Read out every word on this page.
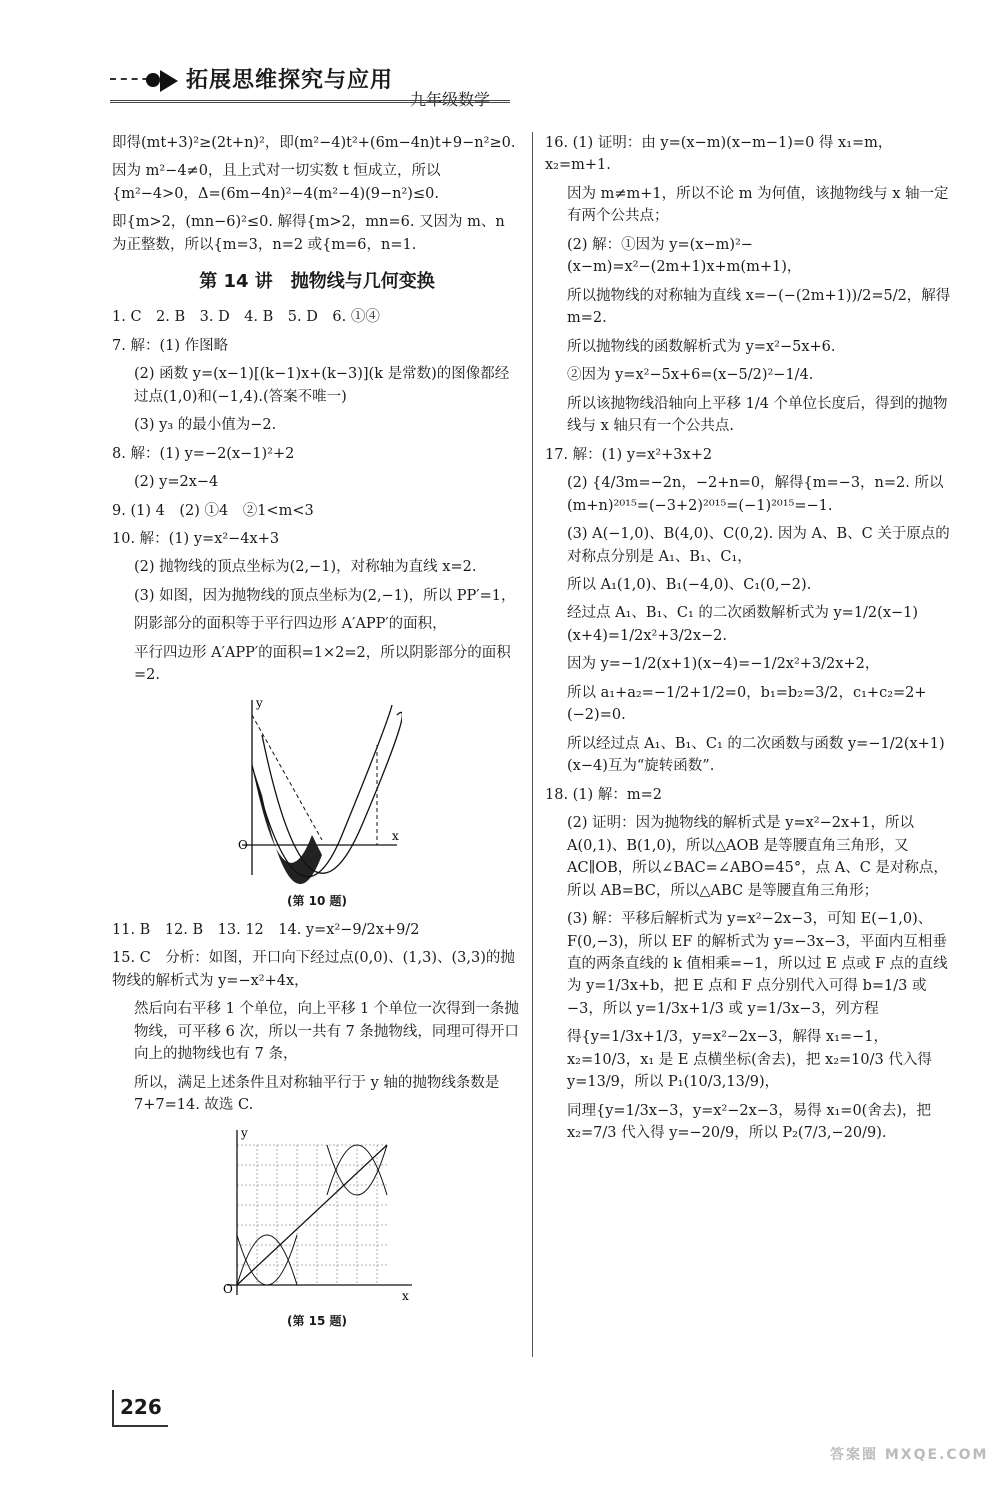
拓展思维探究与应用
九年级数学

即得(mt+3)²≥(2t+n)²，即(m²−4)t²+(6m−4n)t+9−n²≥0.

因为 m²−4≠0，且上式对一切实数 t 恒成立，所以{m²−4>0，Δ=(6m−4n)²−4(m²−4)(9−n²)≤0.

即{m>2，(mn−6)²≤0. 解得{m>2，mn=6. 又因为 m、n 为正整数，所以{m=3，n=2 或{m=6，n=1.

第 14 讲　抛物线与几何变换

1. C　2. B　3. D　4. B　5. D　6. ①④

7. 解：(1) 作图略

(2) 函数 y=(x−1)[(k−1)x+(k−3)](k 是常数)的图像都经过点(1,0)和(−1,4).(答案不唯一)

(3) y₃ 的最小值为−2.

8. 解：(1) y=−2(x−1)²+2

(2) y=2x−4

9. (1) 4　(2) ①4　②1<m<3

10. 解：(1) y=x²−4x+3

(2) 抛物线的顶点坐标为(2,−1)，对称轴为直线 x=2.

(3) 如图，因为抛物线的顶点坐标为(2,−1)，所以 PP′=1，

阴影部分的面积等于平行四边形 A′APP′的面积，

平行四边形 A′APP′的面积=1×2=2，所以阴影部分的面积=2.

O
x
y
(第 10 题)

11. B　12. B　13. 12　14. y=x²−9/2x+9/2

15. C　分析：如图，开口向下经过点(0,0)、(1,3)、(3,3)的抛物线的解析式为 y=−x²+4x，

然后向右平移 1 个单位，向上平移 1 个单位一次得到一条抛物线，可平移 6 次，所以一共有 7 条抛物线，同理可得开口向上的抛物线也有 7 条，

所以，满足上述条件且对称轴平行于 y 轴的抛物线条数是 7+7=14. 故选 C.

O	x
y
(第 15 题)

16. (1) 证明：由 y=(x−m)(x−m−1)=0 得 x₁=m，x₂=m+1.

因为 m≠m+1，所以不论 m 为何值，该抛物线与 x 轴一定有两个公共点；

(2) 解：①因为 y=(x−m)²−(x−m)=x²−(2m+1)x+m(m+1)，

所以抛物线的对称轴为直线 x=−(−(2m+1))/2=5/2，解得 m=2.

所以抛物线的函数解析式为 y=x²−5x+6.

②因为 y=x²−5x+6=(x−5/2)²−1/4.

所以该抛物线沿轴向上平移 1/4 个单位长度后，得到的抛物线与 x 轴只有一个公共点.

17. 解：(1) y=x²+3x+2

(2) {4/3m=−2n，−2+n=0，解得{m=−3，n=2. 所以(m+n)²⁰¹⁵=(−3+2)²⁰¹⁵=(−1)²⁰¹⁵=−1.

(3) A(−1,0)、B(4,0)、C(0,2). 因为 A、B、C 关于原点的对称点分别是 A₁、B₁、C₁，

所以 A₁(1,0)、B₁(−4,0)、C₁(0,−2).

经过点 A₁、B₁、C₁ 的二次函数解析式为 y=1/2(x−1)(x+4)=1/2x²+3/2x−2.

因为 y=−1/2(x+1)(x−4)=−1/2x²+3/2x+2，

所以 a₁+a₂=−1/2+1/2=0，b₁=b₂=3/2，c₁+c₂=2+(−2)=0.

所以经过点 A₁、B₁、C₁ 的二次函数与函数 y=−1/2(x+1)(x−4)互为“旋转函数”.

18. (1) 解：m=2

(2) 证明：因为抛物线的解析式是 y=x²−2x+1，所以 A(0,1)、B(1,0)，所以△AOB 是等腰直角三角形，又 AC∥OB，所以∠BAC=∠ABO=45°，点 A、C 是对称点，所以 AB=BC，所以△ABC 是等腰直角三角形；

(3) 解：平移后解析式为 y=x²−2x−3，可知 E(−1,0)、F(0,−3)，所以 EF 的解析式为 y=−3x−3，平面内互相垂直的两条直线的 k 值相乘=−1，所以过 E 点或 F 点的直线为 y=1/3x+b，把 E 点和 F 点分别代入可得 b=1/3 或−3，所以 y=1/3x+1/3 或 y=1/3x−3，列方程

得{y=1/3x+1/3，y=x²−2x−3，解得 x₁=−1，x₂=10/3，x₁ 是 E 点横坐标(舍去)，把 x₂=10/3 代入得 y=13/9，所以 P₁(10/3,13/9)，

同理{y=1/3x−3，y=x²−2x−3，易得 x₁=0(舍去)，把 x₂=7/3 代入得 y=−20/9，所以 P₂(7/3,−20/9).

226
答案圈 MXQE.COM
